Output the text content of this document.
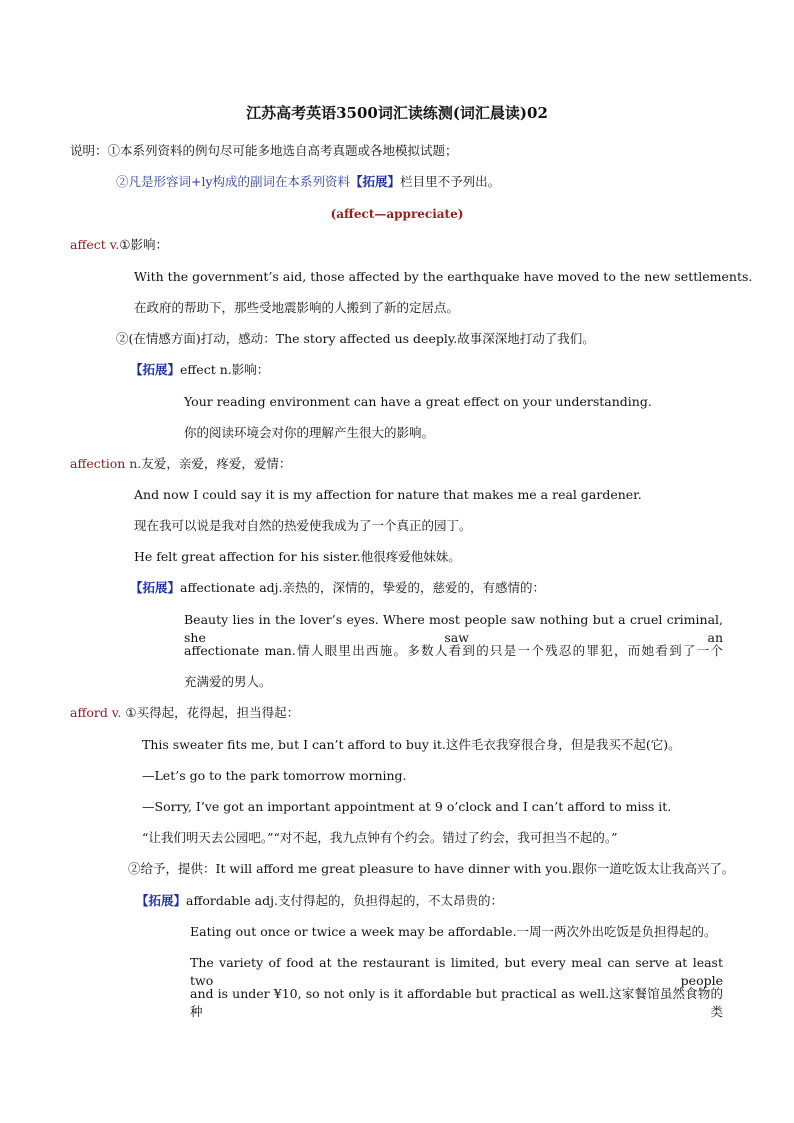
江苏高考英语3500词汇读练测(词汇晨读)02
说明：①本系列资料的例句尽可能多地选自高考真题或各地模拟试题；
②凡是形容词+ly构成的副词在本系列资料【拓展】栏目里不予列出。
(affect—appreciate)
affect v.①影响：
With the government’s aid, those affected by the earthquake have moved to the new settlements.
在政府的帮助下，那些受地震影响的人搬到了新的定居点。
②(在情感方面)打动，感动：The story affected us deeply.故事深深地打动了我们。
【拓展】effect n.影响：
Your reading environment can have a great effect on your understanding.
你的阅读环境会对你的理解产生很大的影响。
affection n.友爱，亲爱，疼爱，爱情：
And now I could say it is my affection for nature that makes me a real gardener.
现在我可以说是我对自然的热爱使我成为了一个真正的园丁。
He felt great affection for his sister.他很疼爱他妹妹。
【拓展】affectionate adj.亲热的，深情的，挚爱的，慈爱的，有感情的：
Beauty lies in the lover’s eyes. Where most people saw nothing but a cruel criminal, she saw an
affectionate man.情人眼里出西施。多数人看到的只是一个残忍的罪犯，而她看到了一个
充满爱的男人。
afford v. ①买得起，花得起，担当得起：
This sweater fits me, but I can’t afford to buy it.这件毛衣我穿很合身，但是我买不起(它)。
—Let’s go to the park tomorrow morning.
—Sorry, I’ve got an important appointment at 9 o’clock and I can’t afford to miss it.
“让我们明天去公园吧。”“对不起，我九点钟有个约会。错过了约会，我可担当不起的。”
②给予，提供：It will afford me great pleasure to have dinner with you.跟你一道吃饭太让我高兴了。
【拓展】affordable adj.支付得起的，负担得起的，不太昂贵的：
Eating out once or twice a week may be affordable.一周一两次外出吃饭是负担得起的。
The variety of food at the restaurant is limited, but every meal can serve at least two people
and is under ¥10, so not only is it affordable but practical as well.这家餐馆虽然食物的种类
